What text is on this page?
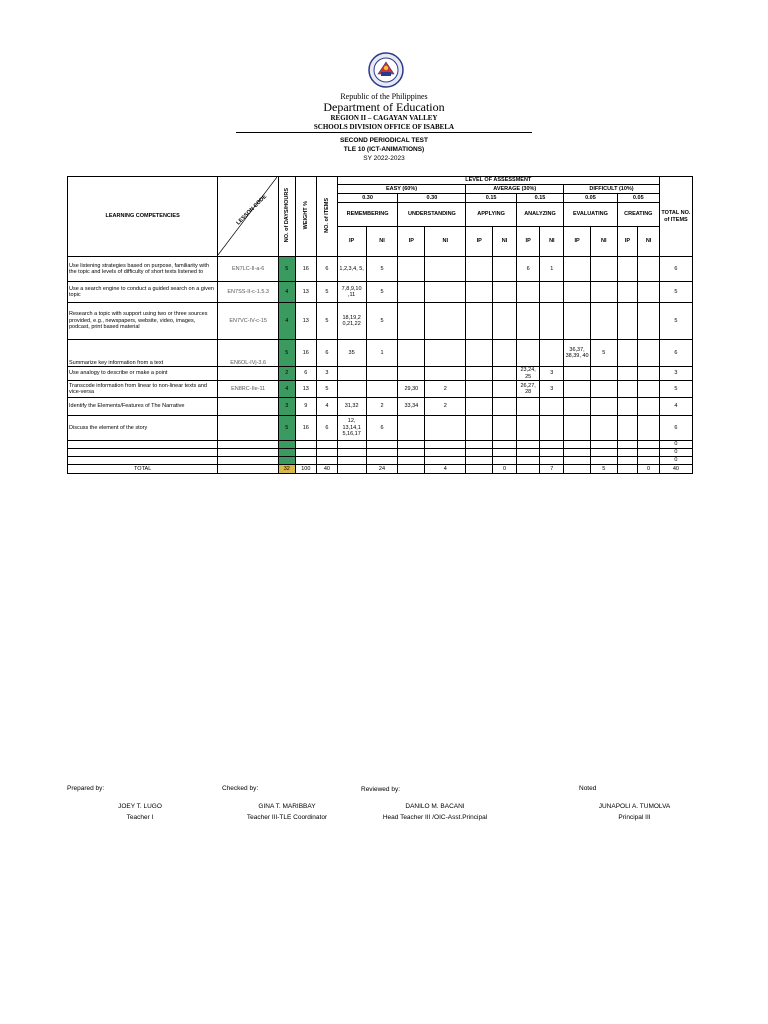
Republic of the Philippines
Department of Education
REGION II – CAGAYAN VALLEY
SCHOOLS DIVISION OFFICE OF ISABELA
SECOND PERIODICAL TEST
TLE 10 (ICT-ANIMATIONS)
SY 2022-2023
LEARNING COMPETENCIES	LESSON CODE	NO. of DAYS/HOURS	WEIGHT %	NO. of ITEMS	LEVEL OF ASSESSMENT												TOTAL NO. of ITEMS
					EASY (60%)				AVERAGE (30%)				DIFFICULT (10%)				
					0.30		0.30		0.15		0.15		0.05		0.05		
					REMEMBERING		UNDERSTANDING		APPLYING		ANALYZING		EVALUATING		CREATING		
					IP	NI	IP	NI	IP	NI	IP	NI	IP	NI	IP	NI	
Use listening strategies based on purpose, familiarity with the topic and levels of difficulty of short texts listened to	EN7LC-II-a-6	5	16	6	1,2,3,4, 5,	5					6	1					6
Use a search engine to conduct a guided search on a given topic	EN7SS-II-c-1.5.3	4	13	5	7,8,9,10 ,11	5											5
Research a topic with support using two or three sources provided, e.g., newspapers, website, video, images, podcast, print based material	EN7VC-IV-c-15	4	13	5	18,19,2 0,21,22	5											5
Summarize key information from a text	EN6OL-IVj-3.6	5	16	6	35	1							36,37, 38,39, 40	5			6
Use analogy to describe or make a point		2	6	3							23,24, 25	3					3
Transcode information from linear to non-linear texts and vice-versa	EN8RC-IIe-11	4	13	5			29,30	2			26,27, 28	3					5
Identify the Elements/Features of The Narrative		3	9	4	31,32	2	33,34	2									4
Discuss the element of the story		5	16	6	12, 13,14,1 5,16,17	6											6
																	0
																	0
																	0
TOTAL		32	100	40		24		4		0		7		5		0	40
Prepared by:	Checked by:	Reviewed by:	Noted
JOEY T. LUGO
Teacher I
GINA T. MARIBBAY
Teacher III-TLE Coordinator
DANILO M. BACANI
Head Teacher III /OIC-Asst.Principal
JUNAPOLI A. TUMOLVA
Principal III
